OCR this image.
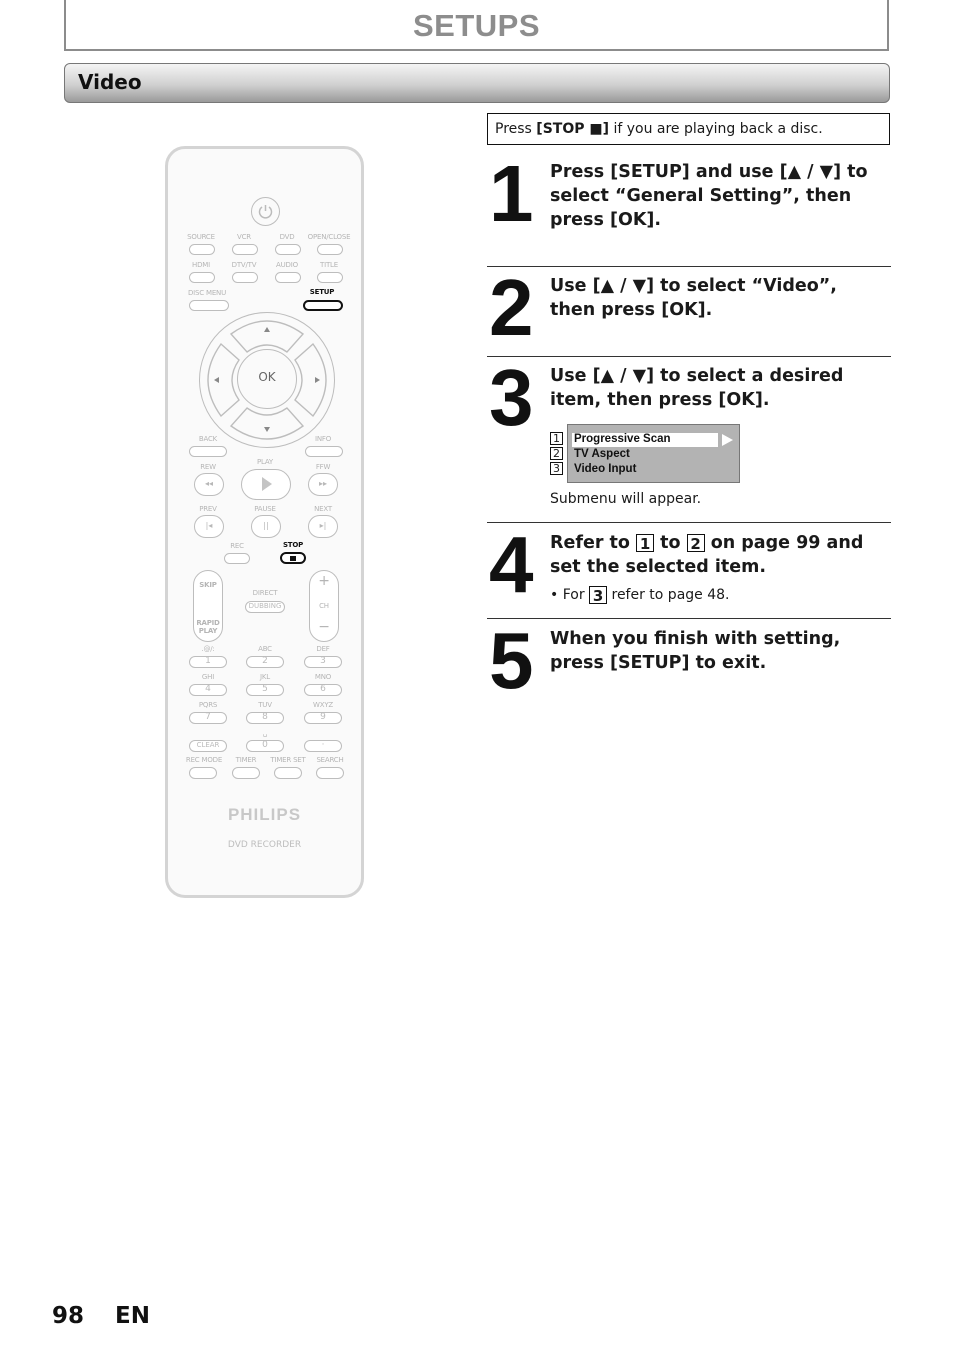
SETUPS
Video
SOURCE	VCR	DVD	OPEN/CLOSE
HDMI	DTV/TV	AUDIO	TITLE
DISC MENU	SETUP
OK
BACK	INFO
PLAY
REW	FFW
◂◂	▸▸
PREV	PAUSE	NEXT
|◂	||	▸|
REC	STOP
SKIP
RAPID PLAY
DIRECT
DUBBING
+
CH
−
.@/:	ABC	DEF
1	2	3
GHI	JKL	MNO
4	5	6
PQRS	TUV	WXYZ
7	8	9
␣
CLEAR	0	·
REC MODE	TIMER	TIMER SET	SEARCH
PHILIPS
DVD RECORDER
Press [STOP ■] if you are playing back a disc.
1 Press [SETUP] and use [▲ / ▼] to select “General Setting”, then press [OK].
2 Use [▲ / ▼] to select “Video”, then press [OK].
3 Use [▲ / ▼] to select a desired item, then press [OK].
1
2
3
Progressive Scan
TV Aspect
Video Input
Submenu will appear.
4 Refer to 1 to 2 on page 99 and set the selected item.
• For 3 refer to page 48.
5 When you finish with setting, press [SETUP] to exit.
98 EN
